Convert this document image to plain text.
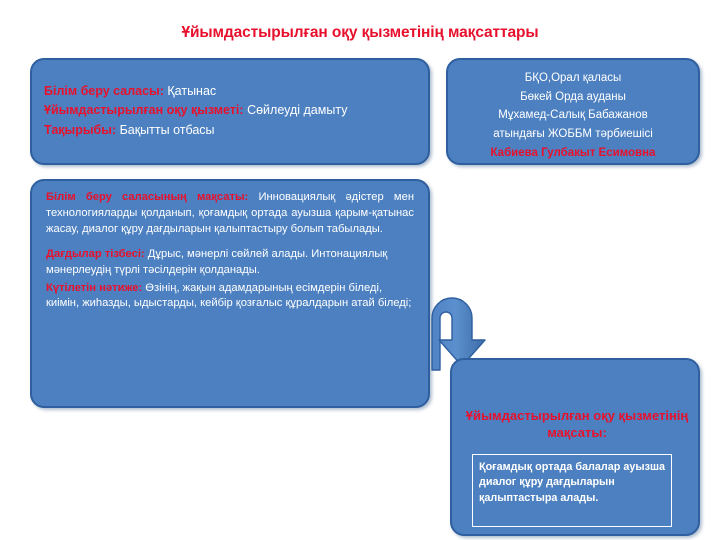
Ұйымдастырылған оқу қызметінің мақсаттары
Білім беру саласы: Қатынас
Ұйымдастырылған оқу қызметі: Сөйлеуді дамыту
Тақырыбы: Бақытты отбасы
БҚО,Орал қаласы
Бөкей Орда ауданы
Мұхамед-Салық Бабажанов
атындағы ЖОББМ тәрбиешісі
Кабиева Гулбакыт Есимовна

Білім беру саласының мақсаты: Инновациялық әдістер мен технологияларды қолданып, қоғамдық ортада ауызша қарым-қатынас жасау, диалог құру дағдыларын қалыптастыру болып табылады.

Дағдылар тізбесі: Дұрыс, мәнерлі сөйлей алады. Интонациялық мәнерлеудің түрлі тәсілдерін қолданады.

Күтілетін нәтиже: Өзінің, жақын адамдарының есімдерін біледі, киімін, жиһазды, ыдыстарды, кейбір қозғалыс құралдарын атай біледі;

Ұйымдастырылған оқу қызметінің мақсаты:
Қоғамдық ортада балалар ауызша диалог құру дағдыларын қалыптастыра алады.
